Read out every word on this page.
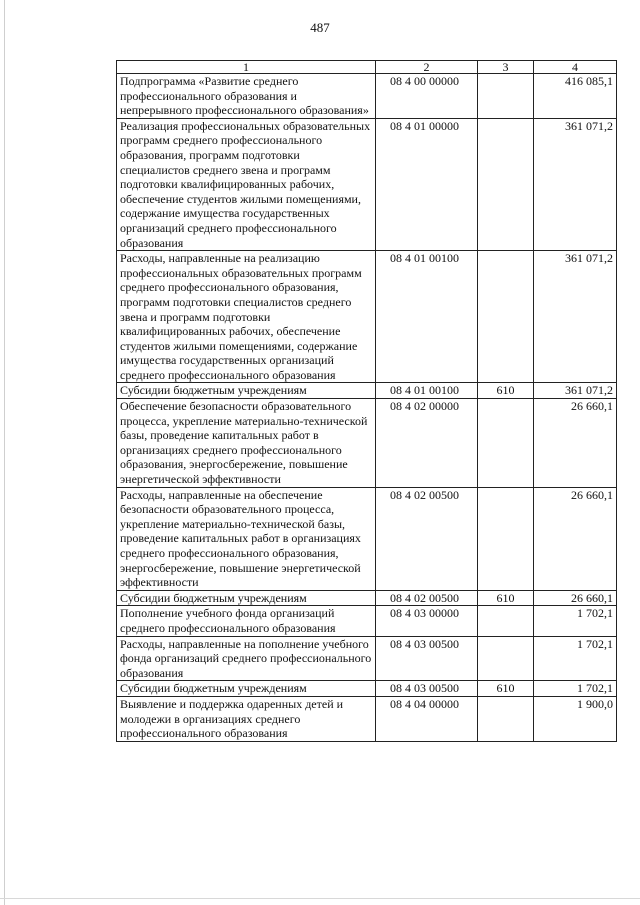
487
1	2	3	4
Подпрограмма «Развитие среднего профессионального образования и непрерывного профессионального образования»	08 4 00 00000		416 085,1
Реализация профессиональных образовательных программ среднего профессионального образования, программ подготовки специалистов среднего звена и программ подготовки квалифицированных рабочих, обеспечение студентов жилыми помещениями, содержание имущества государственных организаций среднего профессионального образования	08 4 01 00000		361 071,2
Расходы, направленные на реализацию профессиональных образовательных программ среднего профессионального образования, программ подготовки специалистов среднего звена и программ подготовки квалифицированных рабочих, обеспечение студентов жилыми помещениями, содержание имущества государственных организаций среднего профессионального образования	08 4 01 00100		361 071,2
Субсидии бюджетным учреждениям	08 4 01 00100	610	361 071,2
Обеспечение безопасности образовательного процесса, укрепление материально-технической базы, проведение капитальных работ в организациях среднего профессионального образования, энергосбережение, повышение энергетической эффективности	08 4 02 00000		26 660,1
Расходы, направленные на обеспечение безопасности образовательного процесса, укрепление материально-технической базы, проведение капитальных работ в организациях среднего профессионального образования, энергосбережение, повышение энергетической эффективности	08 4 02 00500		26 660,1
Субсидии бюджетным учреждениям	08 4 02 00500	610	26 660,1
Пополнение учебного фонда организаций среднего профессионального образования	08 4 03 00000		1 702,1
Расходы, направленные на пополнение учебного фонда организаций среднего профессионального образования	08 4 03 00500		1 702,1
Субсидии бюджетным учреждениям	08 4 03 00500	610	1 702,1
Выявление и поддержка одаренных детей и молодежи в организациях среднего профессионального образования	08 4 04 00000		1 900,0
